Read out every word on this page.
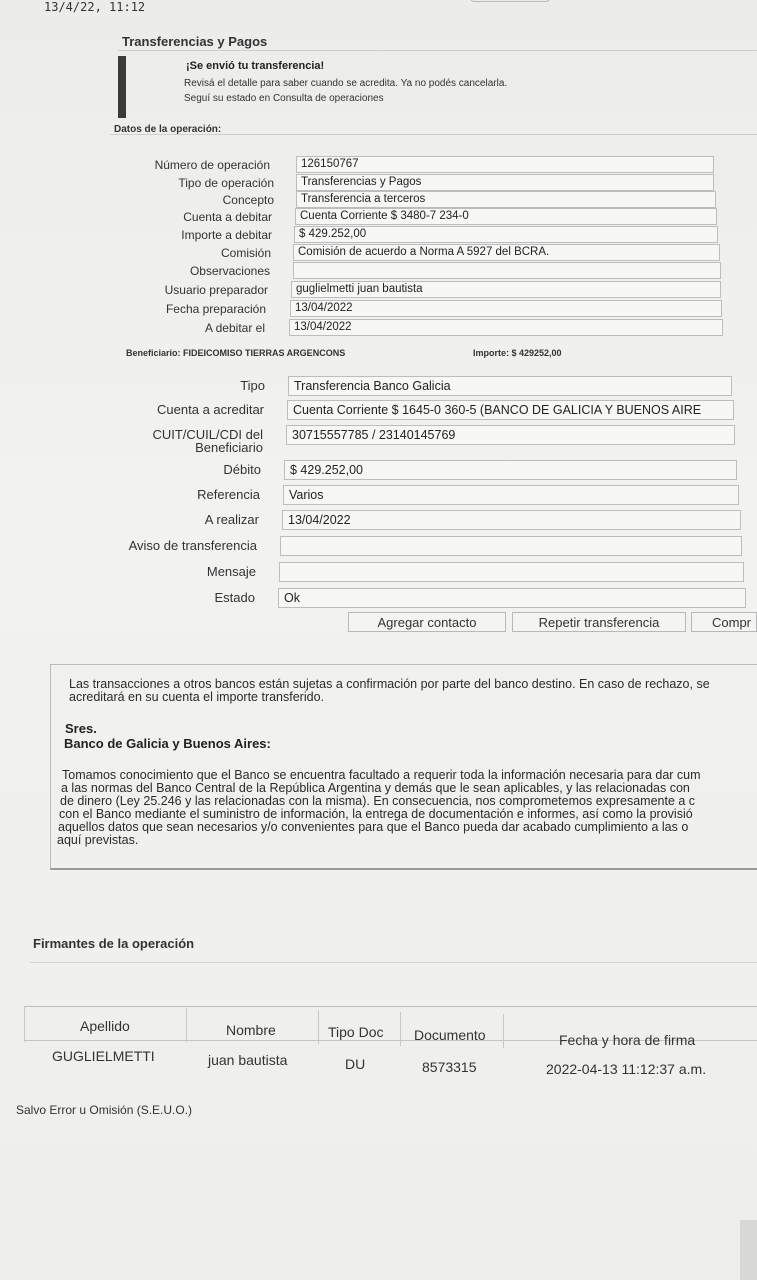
13/4/22, 11:12
Transferencias y Pagos
¡Se envió tu transferencia!
Revisá el detalle para saber cuando se acredita. Ya no podés cancelarla.
Seguí su estado en Consulta de operaciones
Datos de la operación:
Número de operación	126150767
Tipo de operación	Transferencias y Pagos
Concepto	Transferencia a terceros
Cuenta a debitar	Cuenta Corriente $ 3480-7 234-0
Importe a debitar	$ 429.252,00
Comisión	Comisión de acuerdo a Norma A 5927 del BCRA.
Observaciones
Usuario preparador	guglielmetti juan bautista
Fecha preparación	13/04/2022
A debitar el	13/04/2022
Beneficiario: FIDEICOMISO TIERRAS ARGENCONS	Importe: $ 429252,00
Tipo	Transferencia Banco Galicia
Cuenta a acreditar	Cuenta Corriente $ 1645-0 360-5 (BANCO DE GALICIA Y BUENOS AIRE
CUIT/CUIL/CDI del
Beneficiario
30715557785 / 23140145769
Débito	$ 429.252,00
Referencia	Varios
A realizar	13/04/2022
Aviso de transferencia
Mensaje
Estado	Ok
Agregar contacto	Repetir transferencia	Compr
Las transacciones a otros bancos están sujetas a confirmación por parte del banco destino. En caso de rechazo, se
acreditará en su cuenta el importe transferido.
Sres.
Banco de Galicia y Buenos Aires:
Tomamos conocimiento que el Banco se encuentra facultado a requerir toda la información necesaria para dar cum
a las normas del Banco Central de la República Argentina y demás que le sean aplicables, y las relacionadas con
de dinero (Ley 25.246 y las relacionadas con la misma). En consecuencia, nos comprometemos expresamente a c
con el Banco mediante el suministro de información, la entrega de documentación e informes, así como la provisió
aquellos datos que sean necesarios y/o convenientes para que el Banco pueda dar acabado cumplimiento a las o
aquí previstas.
Firmantes de la operación
Apellido	Nombre	Tipo Doc Documento	Fecha y hora de firma
GUGLIELMETTI	juan bautista	DU	8573315	2022-04-13 11:12:37 a.m.
Salvo Error u Omisión (S.E.U.O.)
